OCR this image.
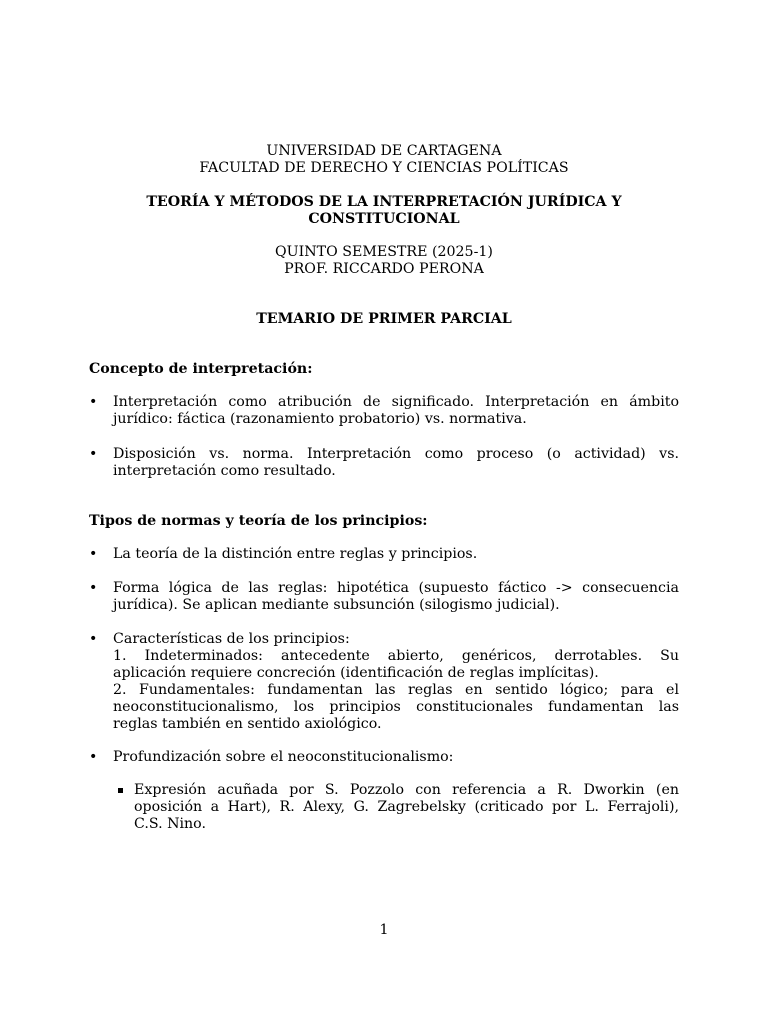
UNIVERSIDAD DE CARTAGENA
FACULTAD DE DERECHO Y CIENCIAS POLÍTICAS
TEORÍA Y MÉTODOS DE LA INTERPRETACIÓN JURÍDICA Y
CONSTITUCIONAL
QUINTO SEMESTRE (2025-1)
PROF. RICCARDO PERONA
TEMARIO DE PRIMER PARCIAL
Concepto de interpretación:
•	Interpretación como atribución de significado. Interpretación en ámbito
jurídico: fáctica (razonamiento probatorio) vs. normativa.
•	Disposición vs. norma. Interpretación como proceso (o actividad) vs.
interpretación como resultado.
Tipos de normas y teoría de los principios:
•	La teoría de la distinción entre reglas y principios.
•	Forma lógica de las reglas: hipotética (supuesto fáctico -> consecuencia
jurídica). Se aplican mediante subsunción (silogismo judicial).
•	Características de los principios:
1. Indeterminados: antecedente abierto, genéricos, derrotables. Su
aplicación requiere concreción (identificación de reglas implícitas).
2. Fundamentales: fundamentan las reglas en sentido lógico; para el
neoconstitucionalismo, los principios constitucionales fundamentan las
reglas también en sentido axiológico.
•	Profundización sobre el neoconstitucionalismo:
Expresión acuñada por S. Pozzolo con referencia a R. Dworkin (en
oposición a Hart), R. Alexy, G. Zagrebelsky (criticado por L. Ferrajoli),
C.S. Nino.
1
